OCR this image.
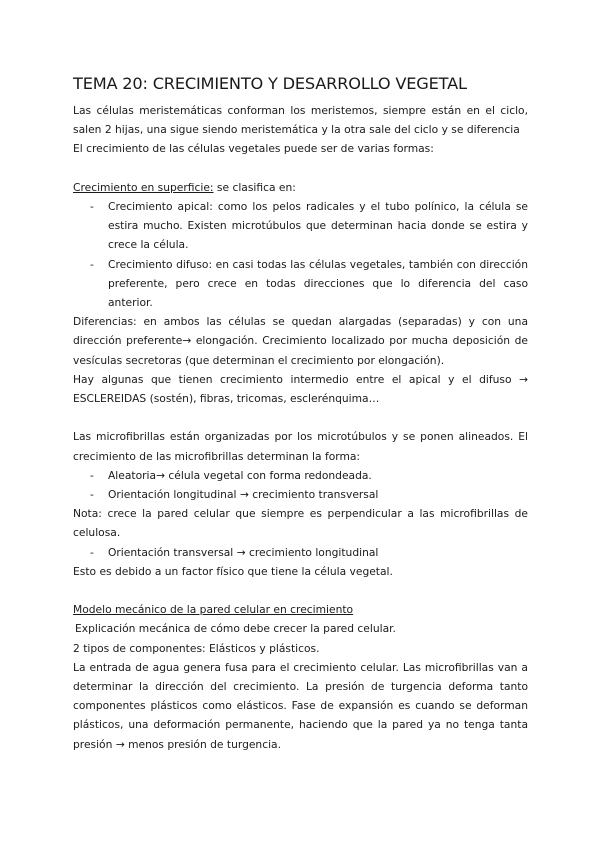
TEMA 20: CRECIMIENTO Y DESARROLLO VEGETAL

Las células meristemáticas conforman los meristemos, siempre están en el ciclo, salen 2 hijas, una sigue siendo meristemática y la otra sale del ciclo y se diferencia

El crecimiento de las células vegetales puede ser de varias formas:

Crecimiento en superficie: se clasifica en:

- Crecimiento apical: como los pelos radicales y el tubo polínico, la célula se estira mucho. Existen microtúbulos que determinan hacia donde se estira y crece la célula.
- Crecimiento difuso: en casi todas las células vegetales, también con dirección preferente, pero crece en todas direcciones que lo diferencia del caso anterior.

Diferencias: en ambos las células se quedan alargadas (separadas) y con una dirección preferente→ elongación. Crecimiento localizado por mucha deposición de vesículas secretoras (que determinan el crecimiento por elongación).

Hay algunas que tienen crecimiento intermedio entre el apical y el difuso → ESCLEREIDAS (sostén), fibras, tricomas, esclerénquima…

Las microfibrillas están organizadas por los microtúbulos y se ponen alineados. El crecimiento de las microfibrillas determinan la forma:

- Aleatoria→ célula vegetal con forma redondeada.
- Orientación longitudinal → crecimiento transversal

Nota: crece la pared celular que siempre es perpendicular a las microfibrillas de celulosa.

- Orientación transversal → crecimiento longitudinal

Esto es debido a un factor físico que tiene la célula vegetal.

Modelo mecánico de la pared celular en crecimiento

Explicación mecánica de cómo debe crecer la pared celular.

2 tipos de componentes: Elásticos y plásticos.

La entrada de agua genera fusa para el crecimiento celular. Las microfibrillas van a determinar la dirección del crecimiento. La presión de turgencia deforma tanto componentes plásticos como elásticos. Fase de expansión es cuando se deforman plásticos, una deformación permanente, haciendo que la pared ya no tenga tanta presión → menos presión de turgencia.
